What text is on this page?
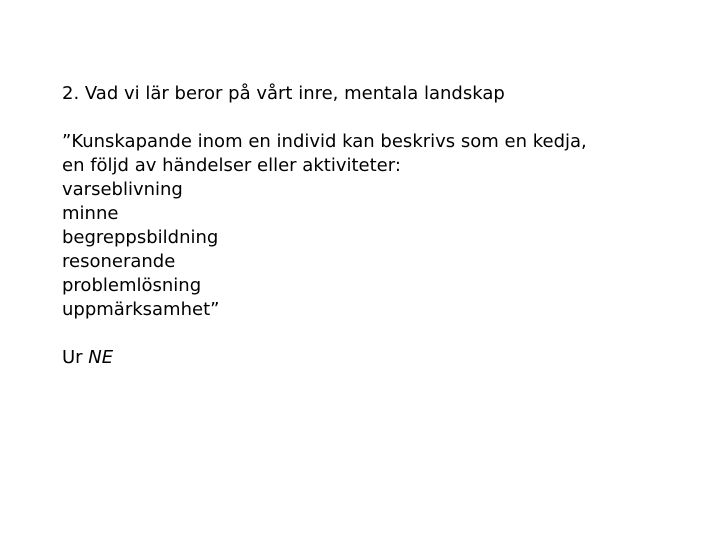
2. Vad vi lär beror på vårt inre, mentala landskap
”Kunskapande inom en individ kan beskrivs som en kedja,
en följd av händelser eller aktiviteter:
varseblivning
minne
begreppsbildning
resonerande
problemlösning
uppmärksamhet”
Ur NE
